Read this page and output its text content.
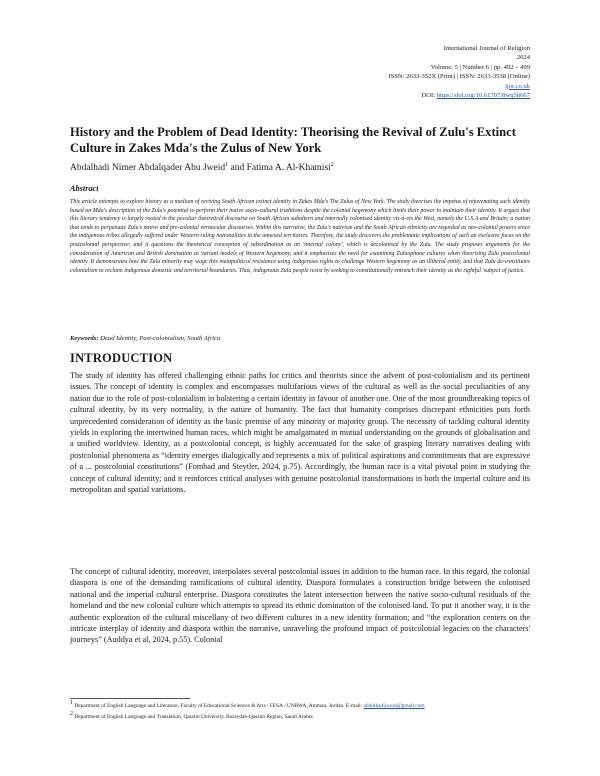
International Journal of Religion
2024
Volume: 5 | Number 6 | pp. 492 – 499
ISSN: 2633-352X (Print) | ISSN: 2633-3538 (Online)
ijor.co.uk
DOI: https://doi.org/10.61707/8wq5h667
History and the Problem of Dead Identity: Theorising the Revival of Zulu's Extinct Culture in Zakes Mda's the Zulus of New York
Abdalhadi Nimer Abdalqader Abu Jweid$^1$ and Fatima A. Al-Khamisi$^2$
Abstract

This article attempts to explore history as a medium of reviving South African extinct identity in Zakes Mda's The Zulus of New York. The study theorises the impetus of rejuvenating such identity based on Mda's description of the Zulu's potential to perform their native socio-cultural traditions despite the colonial hegemony which limits their power to maintain their identity. It argues that this literary tendency is largely rooted in the peculiar theoretical discourse on South African subaltern and internally colonised identity vis-à-vis the West, namely the U.S.A and Britain; a nation that tends to perpetuate Zulu's native and pre-colonial vernacular discourses. Within this narrative, the Zulu's nativism and the South African ethnicity are regarded as neo-colonial powers since the indigenous tribes allegedly suffered under Western ruling nationalities in the annexed territories. Therefore, the study discovers the problematic implications of such an exclusive focus on the postcolonial perspective; and it questions the theoretical conception of subordination as an 'internal colony', which is decolonised by the Zulu. The study proposes arguments for the consideration of American and British domination as variant models of Western hegemony, and it emphasises the need for examining Zuluophone cultures when theorising Zulu postcolonial identity. It demonstrates how the Zulu minority may wage this metapolitical resistance using indigenous rights to challenge Western hegemony as an illiberal entity, and that Zulu de-constitutes colonialism to reclaim indigenous domestic and territorial boundaries. Thus, indigenous Zulu people resist by seeking to constitutionally entrench their identity as the rightful 'subject of justice.

Keywords: Dead Identity, Post-colonialism, South Africa
INTRODUCTION

The study of identity has offered challenging ethnic paths for critics and theorists since the advent of post-colonialism and its pertinent issues. The concept of identity is complex and encompasses multifarious views of the cultural as well as the social peculiarities of any nation due to the role of post-colonialism in bolstering a certain identity in favour of another one. One of the most groundbreaking topics of cultural identity, by its very normality, is the nature of humanity. The fact that humanity comprises discrepant ethnicities puts forth unprecedented consideration of identity as the basic premise of any minority or majority group. The necessity of tackling cultural identity yields in exploring the intertwined human races, which might be amalgamated in mutual understanding on the grounds of globalisation and a unified worldview. Identity, as a postcolonial concept, is highly accentuated for the sake of grasping literary narratives dealing with postcolonial phenomena as “identity emerges dialogically and represents a mix of political aspirations and commitments that are expressive of a ... postcolonial constitutions” (Fombad and Steytler, 2024, p.75). Accordingly, the human race is a vital pivotal point in studying the concept of cultural identity; and it reinforces critical analyses with genuine postcolonial transformations in both the imperial culture and its metropolitan and spatial variations.

The concept of cultural identity, moreover, interpolates several postcolonial issues in addition to the human race. In this regard, the colonial diaspora is one of the demanding ramifications of cultural identity. Diaspora formulates a construction bridge between the colonised national and the imperial cultural enterprise. Diaspora constitutes the latent intersection between the native socio-cultural residuals of the homeland and the new colonial culture which attempts to spread its ethnic domination of the colonised land. To put it another way, it is the authentic exploration of the cultural miscellany of two different cultures in a new identity formation; and “the exploration centers on the intricate interplay of identity and diaspora within the narrative, unraveling the profound impact of postcolonial legacies on the characters' journeys” (Auddya et al, 2024, p.55). Colonial

$^1$ Department of English Language and Literature, Faculty of Educational Sciences & Arts / FESA / UNRWA, Amman, Jordan. E-mail: abdulhadijweid@gmail.com

$^2$ Department of English Language and Translation, Qassim University, Buraydah-Qassim Region, Saudi Arabia
